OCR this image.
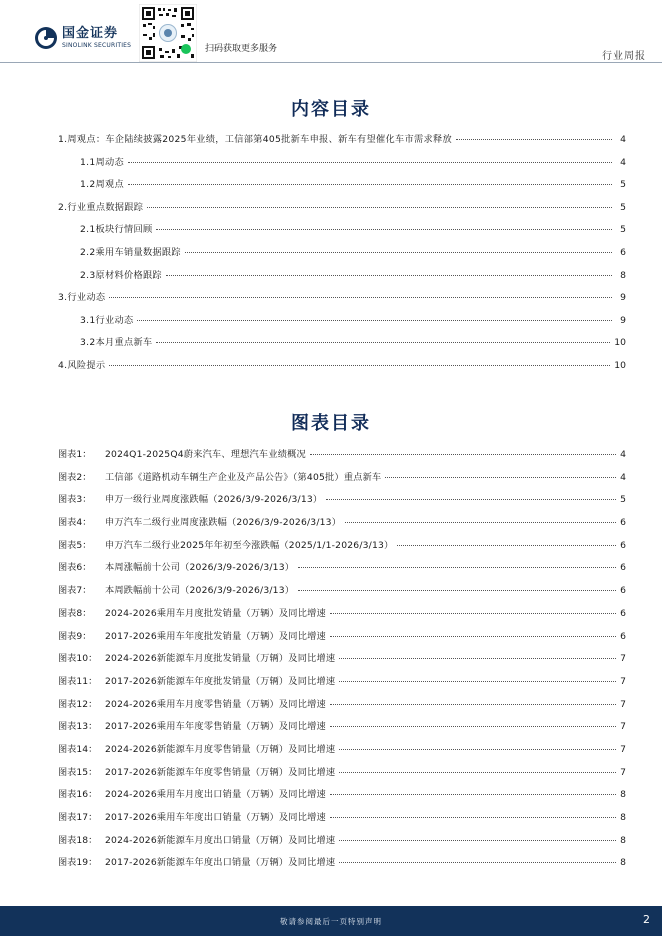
国金证券
SINOLINK SECURITIES	扫码获取更多服务
行业周报
内容目录
1.周观点：车企陆续披露2025年业绩，工信部第405批新车申报、新车有望催化车市需求释放	4
1.1周动态	4
1.2周观点	5
2.行业重点数据跟踪	5
2.1板块行情回顾	5
2.2乘用车销量数据跟踪	6
2.3原材料价格跟踪	8
3.行业动态	9
3.1行业动态	9
3.2本月重点新车	10
4.风险提示	10
图表目录
图表1：	2024Q1-2025Q4蔚来汽车、理想汽车业绩概况	4
图表2：	工信部《道路机动车辆生产企业及产品公告》（第405批）重点新车	4
图表3：	申万一级行业周度涨跌幅（2026/3/9-2026/3/13）	5
图表4：	申万汽车二级行业周度涨跌幅（2026/3/9-2026/3/13）	6
图表5：	申万汽车二级行业2025年年初至今涨跌幅（2025/1/1-2026/3/13）	6
图表6：	本周涨幅前十公司（2026/3/9-2026/3/13）	6
图表7：	本周跌幅前十公司（2026/3/9-2026/3/13）	6
图表8：	2024-2026乘用车月度批发销量（万辆）及同比增速	6
图表9：	2017-2026乘用车年度批发销量（万辆）及同比增速	6
图表10： 2024-2026新能源车月度批发销量（万辆）及同比增速	7
图表11： 2017-2026新能源车年度批发销量（万辆）及同比增速	7
图表12： 2024-2026乘用车月度零售销量（万辆）及同比增速	7
图表13： 2017-2026乘用车年度零售销量（万辆）及同比增速	7
图表14： 2024-2026新能源车月度零售销量（万辆）及同比增速	7
图表15： 2017-2026新能源车年度零售销量（万辆）及同比增速	7
图表16： 2024-2026乘用车月度出口销量（万辆）及同比增速	8
图表17： 2017-2026乘用车年度出口销量（万辆）及同比增速	8
图表18： 2024-2026新能源车月度出口销量（万辆）及同比增速	8
图表19： 2017-2026新能源车年度出口销量（万辆）及同比增速	8
敬请参阅最后一页特别声明	2
